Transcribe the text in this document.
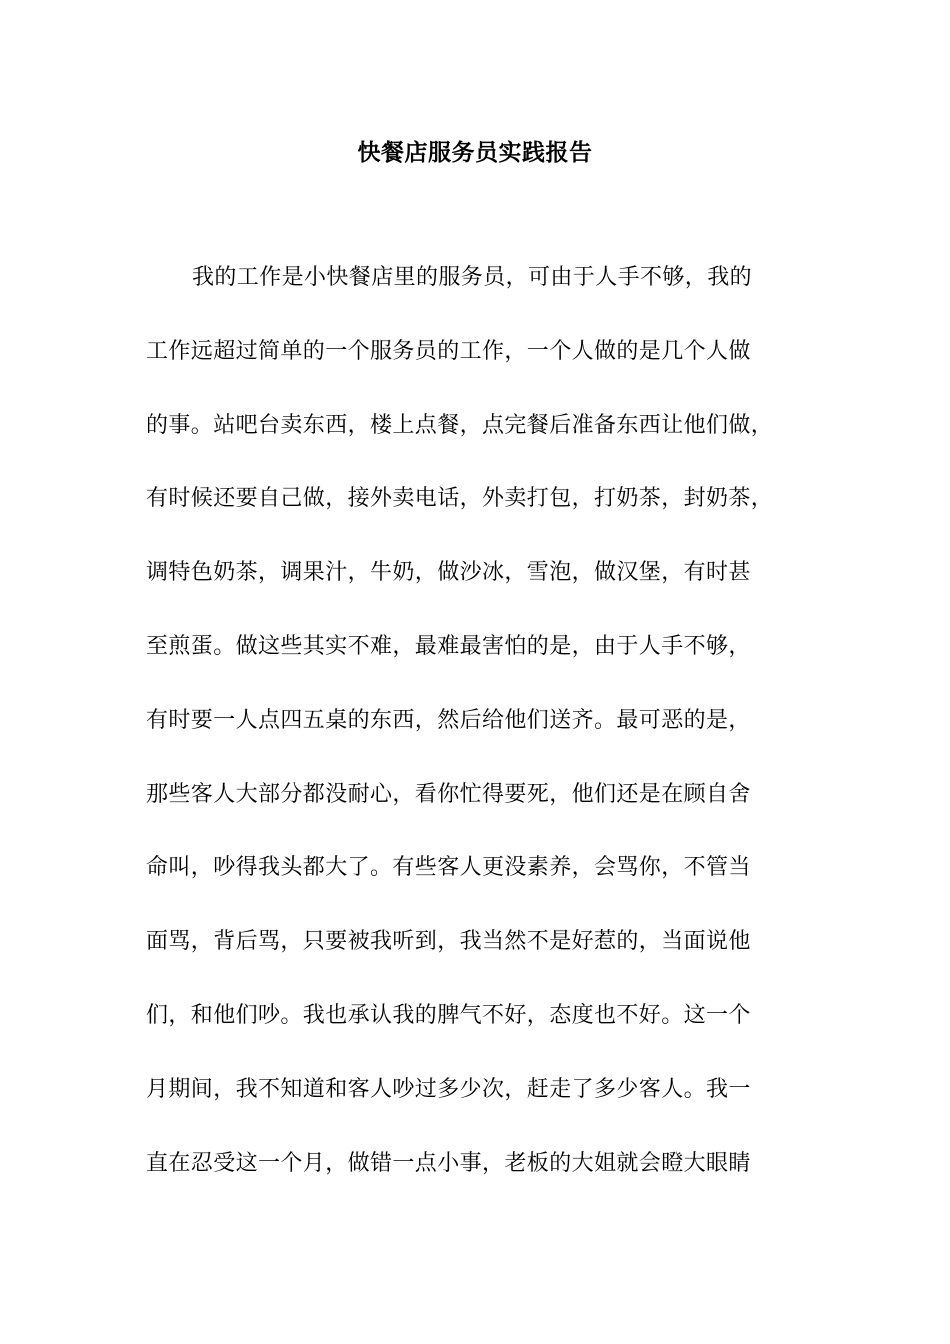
快餐店服务员实践报告
我的工作是小快餐店里的服务员，可由于人手不够，我的
工作远超过简单的一个服务员的工作，一个人做的是几个人做
的事。站吧台卖东西，楼上点餐，点完餐后准备东西让他们做，
有时候还要自己做，接外卖电话，外卖打包，打奶茶，封奶茶，
调特色奶茶，调果汁，牛奶，做沙冰，雪泡，做汉堡，有时甚
至煎蛋。做这些其实不难，最难最害怕的是，由于人手不够，
有时要一人点四五桌的东西，然后给他们送齐。最可恶的是，
那些客人大部分都没耐心，看你忙得要死，他们还是在顾自舍
命叫，吵得我头都大了。有些客人更没素养，会骂你，不管当
面骂，背后骂，只要被我听到，我当然不是好惹的，当面说他
们，和他们吵。我也承认我的脾气不好，态度也不好。这一个
月期间，我不知道和客人吵过多少次，赶走了多少客人。我一
直在忍受这一个月，做错一点小事，老板的大姐就会瞪大眼睛
